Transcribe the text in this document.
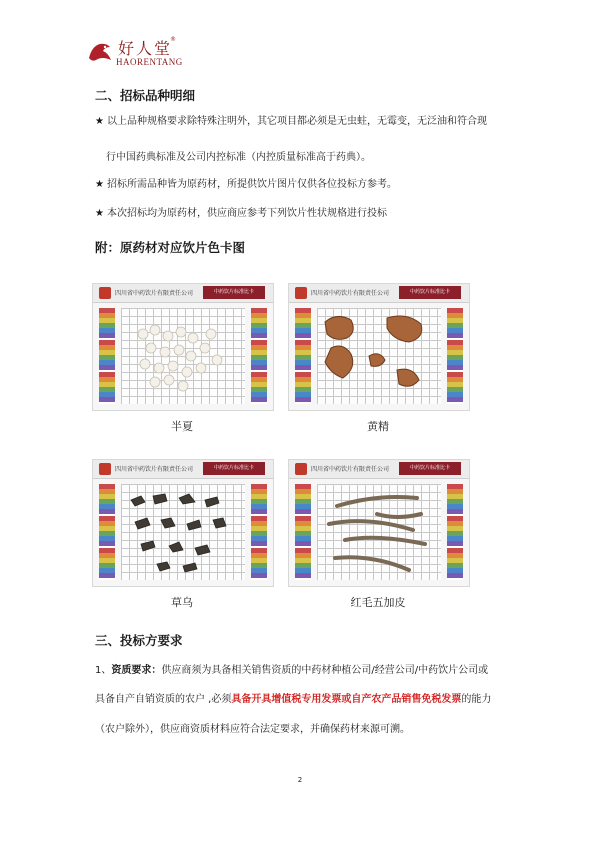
好人堂
®
HAORENTANG
二、招标品种明细
★ 以上品种规格要求除特殊注明外，其它项目都必须是无虫蛀，无霉变，无泛油和符合现
行中国药典标准及公司内控标准（内控质量标准高于药典）。
★ 招标所需品种皆为原药材，所提供饮片图片仅供各位投标方参考。
★ 本次招标均为原药材，供应商应参考下列饮片性状规格进行投标
附：原药材对应饮片色卡图
四川省中药饮片有限责任公司	中药饮片标准比卡
半夏
四川省中药饮片有限责任公司	中药饮片标准比卡
黄精
四川省中药饮片有限责任公司	中药饮片标准比卡
草乌
四川省中药饮片有限责任公司	中药饮片标准比卡
红毛五加皮
三、投标方要求
1、资质要求：供应商须为具备相关销售资质的中药材种植公司/经营公司/中药饮片公司或
具备自产自销资质的农户 ,必须具备开具增值税专用发票或自产农产品销售免税发票的能力
（农户除外），供应商资质材料应符合法定要求，并确保药材来源可溯。
2
